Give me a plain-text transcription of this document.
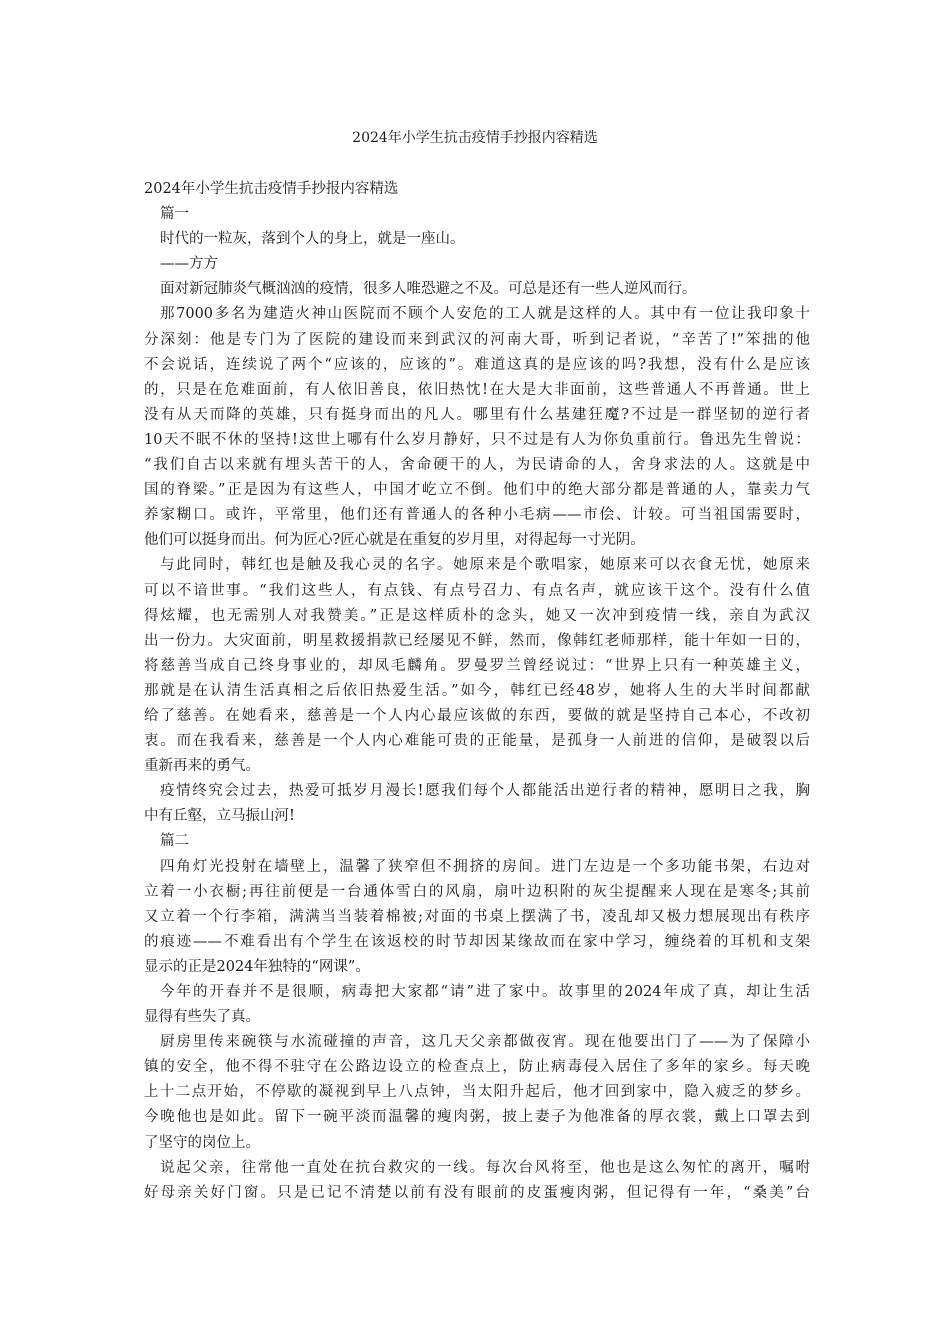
2024年小学生抗击疫情手抄报内容精选
2024年小学生抗击疫情手抄报内容精选
篇一
时代的一粒灰，落到个人的身上，就是一座山。
——方方
面对新冠肺炎气概汹汹的疫情，很多人唯恐避之不及。可总是还有一些人逆风而行。
那7000多名为建造火神山医院而不顾个人安危的工人就是这样的人。其中有一位让我印象十
分深刻：他是专门为了医院的建设而来到武汉的河南大哥，听到记者说，“辛苦了!”笨拙的他
不会说话，连续说了两个“应该的，应该的”。难道这真的是应该的吗?我想，没有什么是应该
的，只是在危难面前，有人依旧善良，依旧热忱!在大是大非面前，这些普通人不再普通。世上
没有从天而降的英雄，只有挺身而出的凡人。哪里有什么基建狂魔?不过是一群坚韧的逆行者
10天不眠不休的坚持!这世上哪有什么岁月静好，只不过是有人为你负重前行。鲁迅先生曾说：
“我们自古以来就有埋头苦干的人，舍命硬干的人，为民请命的人，舍身求法的人。这就是中
国的脊梁。”正是因为有这些人，中国才屹立不倒。他们中的绝大部分都是普通的人，靠卖力气
养家糊口。或许，平常里，他们还有普通人的各种小毛病——市侩、计较。可当祖国需要时，
他们可以挺身而出。何为匠心?匠心就是在重复的岁月里，对得起每一寸光阴。
与此同时，韩红也是触及我心灵的名字。她原来是个歌唱家，她原来可以衣食无忧，她原来
可以不谙世事。“我们这些人，有点钱、有点号召力、有点名声，就应该干这个。没有什么值
得炫耀，也无需别人对我赞美。”正是这样质朴的念头，她又一次冲到疫情一线，亲自为武汉
出一份力。大灾面前，明星救援捐款已经屡见不鲜，然而，像韩红老师那样，能十年如一日的，
将慈善当成自己终身事业的，却凤毛麟角。罗曼罗兰曾经说过：“世界上只有一种英雄主义，
那就是在认清生活真相之后依旧热爱生活。”如今，韩红已经48岁，她将人生的大半时间都献
给了慈善。在她看来，慈善是一个人内心最应该做的东西，要做的就是坚持自己本心，不改初
衷。而在我看来，慈善是一个人内心难能可贵的正能量，是孤身一人前进的信仰，是破裂以后
重新再来的勇气。
疫情终究会过去，热爱可抵岁月漫长!愿我们每个人都能活出逆行者的精神，愿明日之我，胸
中有丘壑，立马振山河!
篇二
四角灯光投射在墙壁上，温馨了狭窄但不拥挤的房间。进门左边是一个多功能书架，右边对
立着一小衣橱;再往前便是一台通体雪白的风扇，扇叶边积附的灰尘提醒来人现在是寒冬;其前
又立着一个行李箱，满满当当装着棉被;对面的书桌上摆满了书，凌乱却又极力想展现出有秩序
的痕迹——不难看出有个学生在该返校的时节却因某缘故而在家中学习，缠绕着的耳机和支架
显示的正是2024年独特的“网课”。
今年的开春并不是很顺，病毒把大家都“请”进了家中。故事里的2024年成了真，却让生活
显得有些失了真。
厨房里传来碗筷与水流碰撞的声音，这几天父亲都做夜宵。现在他要出门了——为了保障小
镇的安全，他不得不驻守在公路边设立的检查点上，防止病毒侵入居住了多年的家乡。每天晚
上十二点开始，不停歇的凝视到早上八点钟，当太阳升起后，他才回到家中，隐入疲乏的梦乡。
今晚他也是如此。留下一碗平淡而温馨的瘦肉粥，披上妻子为他准备的厚衣裳，戴上口罩去到
了坚守的岗位上。
说起父亲，往常他一直处在抗台救灾的一线。每次台风将至，他也是这么匆忙的离开，嘱咐
好母亲关好门窗。只是已记不清楚以前有没有眼前的皮蛋瘦肉粥，但记得有一年，“桑美”台
